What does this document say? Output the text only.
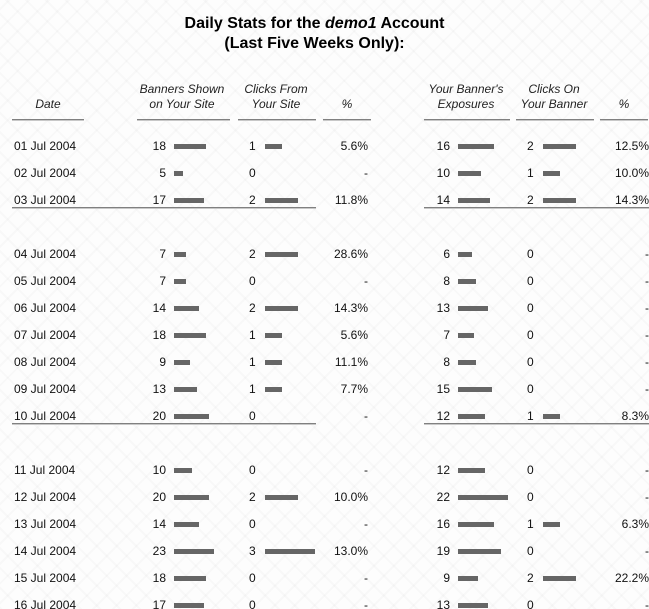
Daily Stats for the demo1 Account
(Last Five Weeks Only):
Date
Banners Shown
on Your Site
Clicks From
Your Site	%
Your Banner's
Exposures
Clicks On
Your Banner	%
01 Jul 2004	18	1	5.6%	16	2	12.5%
02 Jul 2004	5	0	-	10	1	10.0%
03 Jul 2004	17	2	11.8%	14	2	14.3%
04 Jul 2004	7	2	28.6%	6	0	-
05 Jul 2004	7	0	-	8	0	-
06 Jul 2004	14	2	14.3%	13	0	-
07 Jul 2004	18	1	5.6%	7	0	-
08 Jul 2004	9	1	11.1%	8	0	-
09 Jul 2004	13	1	7.7%	15	0	-
10 Jul 2004	20	0	-	12	1	8.3%
11 Jul 2004	10	0	-	12	0	-
12 Jul 2004	20	2	10.0%	22	0	-
13 Jul 2004	14	0	-	16	1	6.3%
14 Jul 2004	23	3	13.0%	19	0	-
15 Jul 2004	18	0	-	9	2	22.2%
16 Jul 2004	17	0	-	13	0	-
